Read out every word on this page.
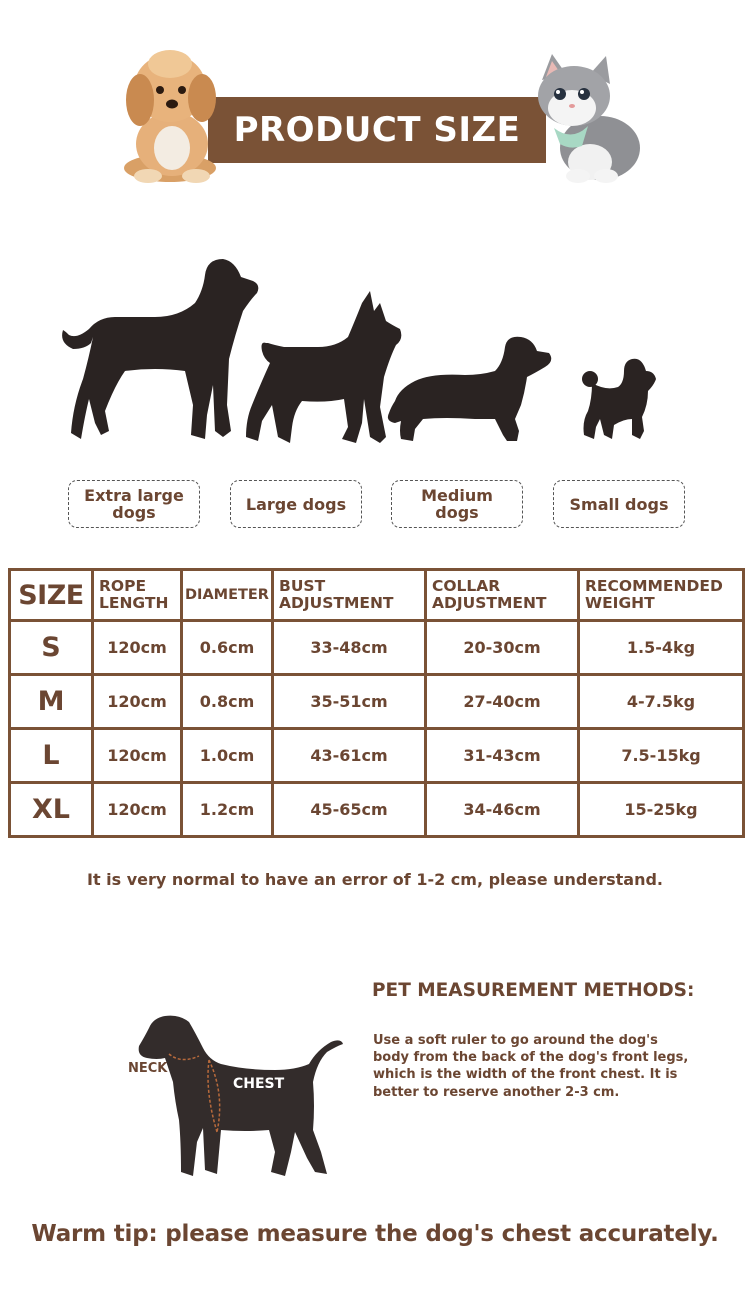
PRODUCT SIZE
Extra large dogs	Large dogs	Medium dogs	Small dogs
SIZE	ROPE LENGTH	DIAMETER	BUST ADJUSTMENT	COLLAR ADJUSTMENT	RECOMMENDED WEIGHT
S	120cm	0.6cm	33-48cm	20-30cm	1.5-4kg
M	120cm	0.8cm	35-51cm	27-40cm	4-7.5kg
L	120cm	1.0cm	43-61cm	31-43cm	7.5-15kg
XL	120cm	1.2cm	45-65cm	34-46cm	15-25kg
It is very normal to have an error of 1-2 cm, please understand.
NECK
CHEST
PET MEASUREMENT METHODS:
Use a soft ruler to go around the dog's body from the back of the dog's front legs, which is the width of the front chest. It is better to reserve another 2-3 cm.
Warm tip: please measure the dog's chest accurately.
